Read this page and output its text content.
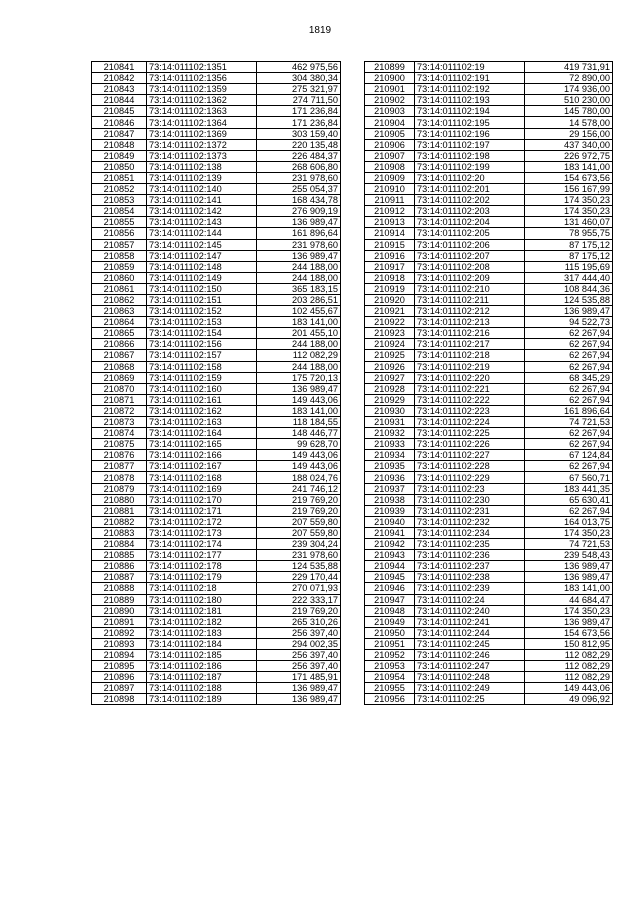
1819
210841	73:14:011102:1351	462 975,56
210842	73:14:011102:1356	304 380,34
210843	73:14:011102:1359	275 321,97
210844	73:14:011102:1362	274 711,50
210845	73:14:011102:1363	171 236,84
210846	73:14:011102:1364	171 236,84
210847	73:14:011102:1369	303 159,40
210848	73:14:011102:1372	220 135,48
210849	73:14:011102:1373	226 484,37
210850	73:14:011102:138	268 606,80
210851	73:14:011102:139	231 978,60
210852	73:14:011102:140	255 054,37
210853	73:14:011102:141	168 434,78
210854	73:14:011102:142	276 909,19
210855	73:14:011102:143	136 989,47
210856	73:14:011102:144	161 896,64
210857	73:14:011102:145	231 978,60
210858	73:14:011102:147	136 989,47
210859	73:14:011102:148	244 188,00
210860	73:14:011102:149	244 188,00
210861	73:14:011102:150	365 183,15
210862	73:14:011102:151	203 286,51
210863	73:14:011102:152	102 455,67
210864	73:14:011102:153	183 141,00
210865	73:14:011102:154	201 455,10
210866	73:14:011102:156	244 188,00
210867	73:14:011102:157	112 082,29
210868	73:14:011102:158	244 188,00
210869	73:14:011102:159	175 720,13
210870	73:14:011102:160	136 989,47
210871	73:14:011102:161	149 443,06
210872	73:14:011102:162	183 141,00
210873	73:14:011102:163	118 184,55
210874	73:14:011102:164	148 446,77
210875	73:14:011102:165	99 628,70
210876	73:14:011102:166	149 443,06
210877	73:14:011102:167	149 443,06
210878	73:14:011102:168	188 024,76
210879	73:14:011102:169	241 746,12
210880	73:14:011102:170	219 769,20
210881	73:14:011102:171	219 769,20
210882	73:14:011102:172	207 559,80
210883	73:14:011102:173	207 559,80
210884	73:14:011102:174	239 304,24
210885	73:14:011102:177	231 978,60
210886	73:14:011102:178	124 535,88
210887	73:14:011102:179	229 170,44
210888	73:14:011102:18	270 071,93
210889	73:14:011102:180	222 333,17
210890	73:14:011102:181	219 769,20
210891	73:14:011102:182	265 310,26
210892	73:14:011102:183	256 397,40
210893	73:14:011102:184	294 002,35
210894	73:14:011102:185	256 397,40
210895	73:14:011102:186	256 397,40
210896	73:14:011102:187	171 485,91
210897	73:14:011102:188	136 989,47
210898	73:14:011102:189	136 989,47
210899	73:14:011102:19	419 731,91
210900	73:14:011102:191	72 890,00
210901	73:14:011102:192	174 936,00
210902	73:14:011102:193	510 230,00
210903	73:14:011102:194	145 780,00
210904	73:14:011102:195	14 578,00
210905	73:14:011102:196	29 156,00
210906	73:14:011102:197	437 340,00
210907	73:14:011102:198	226 972,75
210908	73:14:011102:199	183 141,00
210909	73:14:011102:20	154 673,56
210910	73:14:011102:201	156 167,99
210911	73:14:011102:202	174 350,23
210912	73:14:011102:203	174 350,23
210913	73:14:011102:204	131 460,07
210914	73:14:011102:205	78 955,75
210915	73:14:011102:206	87 175,12
210916	73:14:011102:207	87 175,12
210917	73:14:011102:208	115 195,69
210918	73:14:011102:209	317 444,40
210919	73:14:011102:210	108 844,36
210920	73:14:011102:211	124 535,88
210921	73:14:011102:212	136 989,47
210922	73:14:011102:213	94 522,73
210923	73:14:011102:216	62 267,94
210924	73:14:011102:217	62 267,94
210925	73:14:011102:218	62 267,94
210926	73:14:011102:219	62 267,94
210927	73:14:011102:220	68 345,29
210928	73:14:011102:221	62 267,94
210929	73:14:011102:222	62 267,94
210930	73:14:011102:223	161 896,64
210931	73:14:011102:224	74 721,53
210932	73:14:011102:225	62 267,94
210933	73:14:011102:226	62 267,94
210934	73:14:011102:227	67 124,84
210935	73:14:011102:228	62 267,94
210936	73:14:011102:229	67 560,71
210937	73:14:011102:23	183 441,35
210938	73:14:011102:230	65 630,41
210939	73:14:011102:231	62 267,94
210940	73:14:011102:232	164 013,75
210941	73:14:011102:234	174 350,23
210942	73:14:011102:235	74 721,53
210943	73:14:011102:236	239 548,43
210944	73:14:011102:237	136 989,47
210945	73:14:011102:238	136 989,47
210946	73:14:011102:239	183 141,00
210947	73:14:011102:24	44 684,47
210948	73:14:011102:240	174 350,23
210949	73:14:011102:241	136 989,47
210950	73:14:011102:244	154 673,56
210951	73:14:011102:245	150 812,95
210952	73:14:011102:246	112 082,29
210953	73:14:011102:247	112 082,29
210954	73:14:011102:248	112 082,29
210955	73:14:011102:249	149 443,06
210956	73:14:011102:25	49 096,92
